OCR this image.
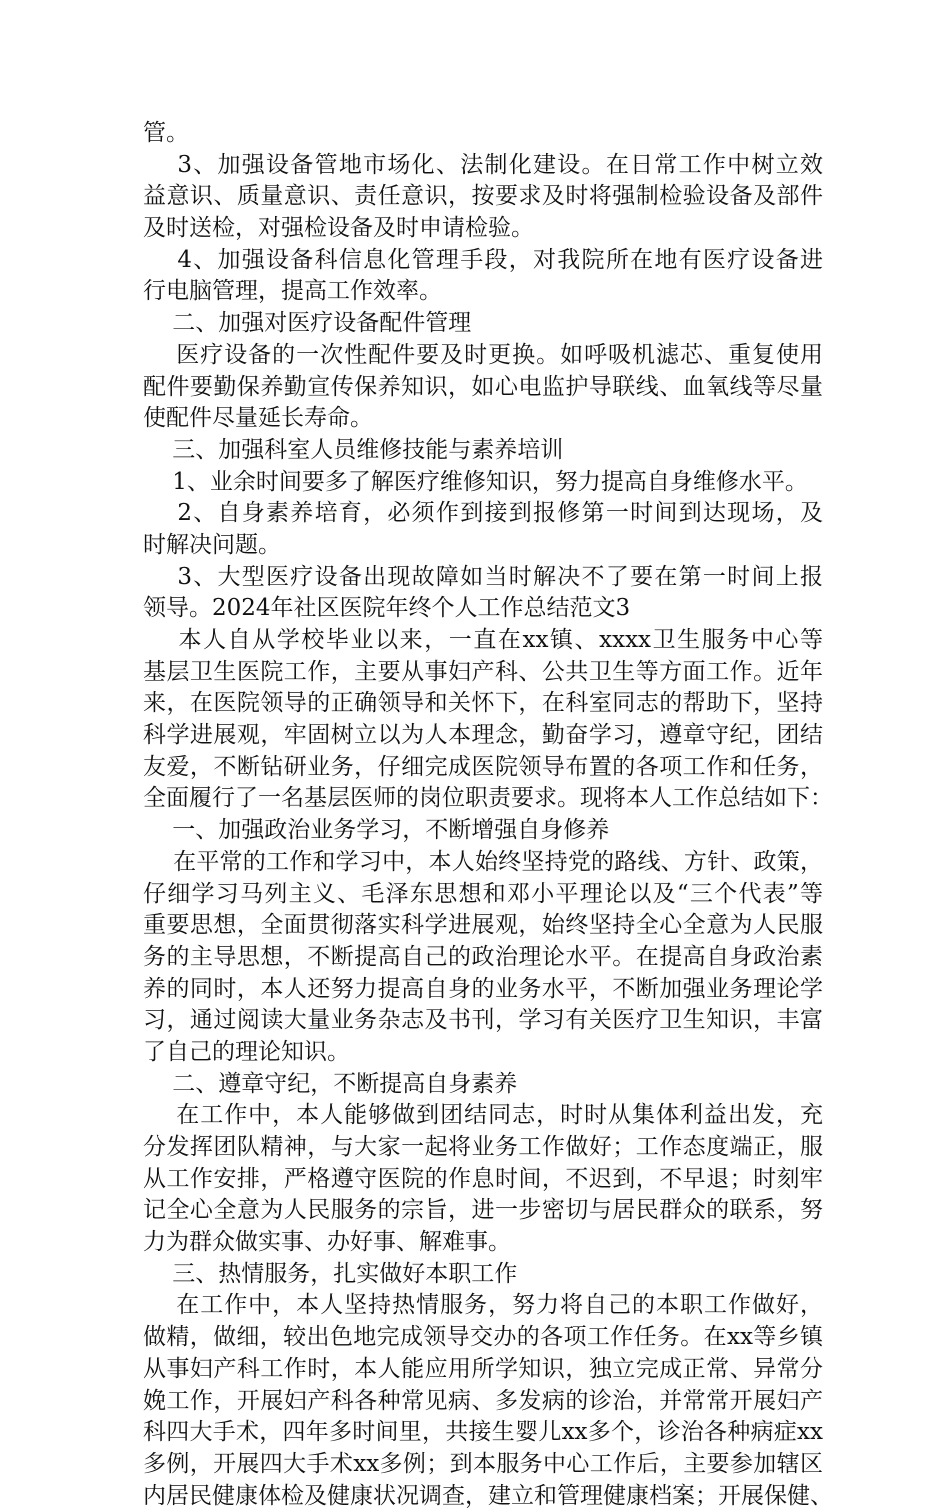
管。
3、加强设备管地市场化、法制化建设。在日常工作中树立效
益意识、质量意识、责任意识，按要求及时将强制检验设备及部件
及时送检，对强检设备及时申请检验。
4、加强设备科信息化管理手段，对我院所在地有医疗设备进
行电脑管理，提高工作效率。
二、加强对医疗设备配件管理
医疗设备的一次性配件要及时更换。如呼吸机滤芯、重复使用
配件要勤保养勤宣传保养知识，如心电监护导联线、血氧线等尽量
使配件尽量延长寿命。
三、加强科室人员维修技能与素养培训
1、业余时间要多了解医疗维修知识，努力提高自身维修水平。
2、自身素养培育，必须作到接到报修第一时间到达现场，及
时解决问题。
3、大型医疗设备出现故障如当时解决不了要在第一时间上报
领导。2024年社区医院年终个人工作总结范文3
本人自从学校毕业以来，一直在xx镇、xxxx卫生服务中心等
基层卫生医院工作，主要从事妇产科、公共卫生等方面工作。近年
来，在医院领导的正确领导和关怀下，在科室同志的帮助下，坚持
科学进展观，牢固树立以为人本理念，勤奋学习，遵章守纪，团结
友爱，不断钻研业务，仔细完成医院领导布置的各项工作和任务，
全面履行了一名基层医师的岗位职责要求。现将本人工作总结如下：
一、加强政治业务学习，不断增强自身修养
在平常的工作和学习中，本人始终坚持党的路线、方针、政策，
仔细学习马列主义、毛泽东思想和邓小平理论以及“三个代表”等
重要思想，全面贯彻落实科学进展观，始终坚持全心全意为人民服
务的主导思想，不断提高自己的政治理论水平。在提高自身政治素
养的同时，本人还努力提高自身的业务水平，不断加强业务理论学
习，通过阅读大量业务杂志及书刊，学习有关医疗卫生知识，丰富
了自己的理论知识。
二、遵章守纪，不断提高自身素养
在工作中，本人能够做到团结同志，时时从集体利益出发，充
分发挥团队精神，与大家一起将业务工作做好；工作态度端正，服
从工作安排，严格遵守医院的作息时间，不迟到，不早退；时刻牢
记全心全意为人民服务的宗旨，进一步密切与居民群众的联系，努
力为群众做实事、办好事、解难事。
三、热情服务，扎实做好本职工作
在工作中，本人坚持热情服务，努力将自己的本职工作做好，
做精，做细，较出色地完成领导交办的各项工作任务。在xx等乡镇
从事妇产科工作时，本人能应用所学知识，独立完成正常、异常分
娩工作，开展妇产科各种常见病、多发病的诊治，并常常开展妇产
科四大手术，四年多时间里，共接生婴儿xx多个，诊治各种病症xx
多例，开展四大手术xx多例；到本服务中心工作后，主要参加辖区
内居民健康体检及健康状况调查，建立和管理健康档案；开展保健、
